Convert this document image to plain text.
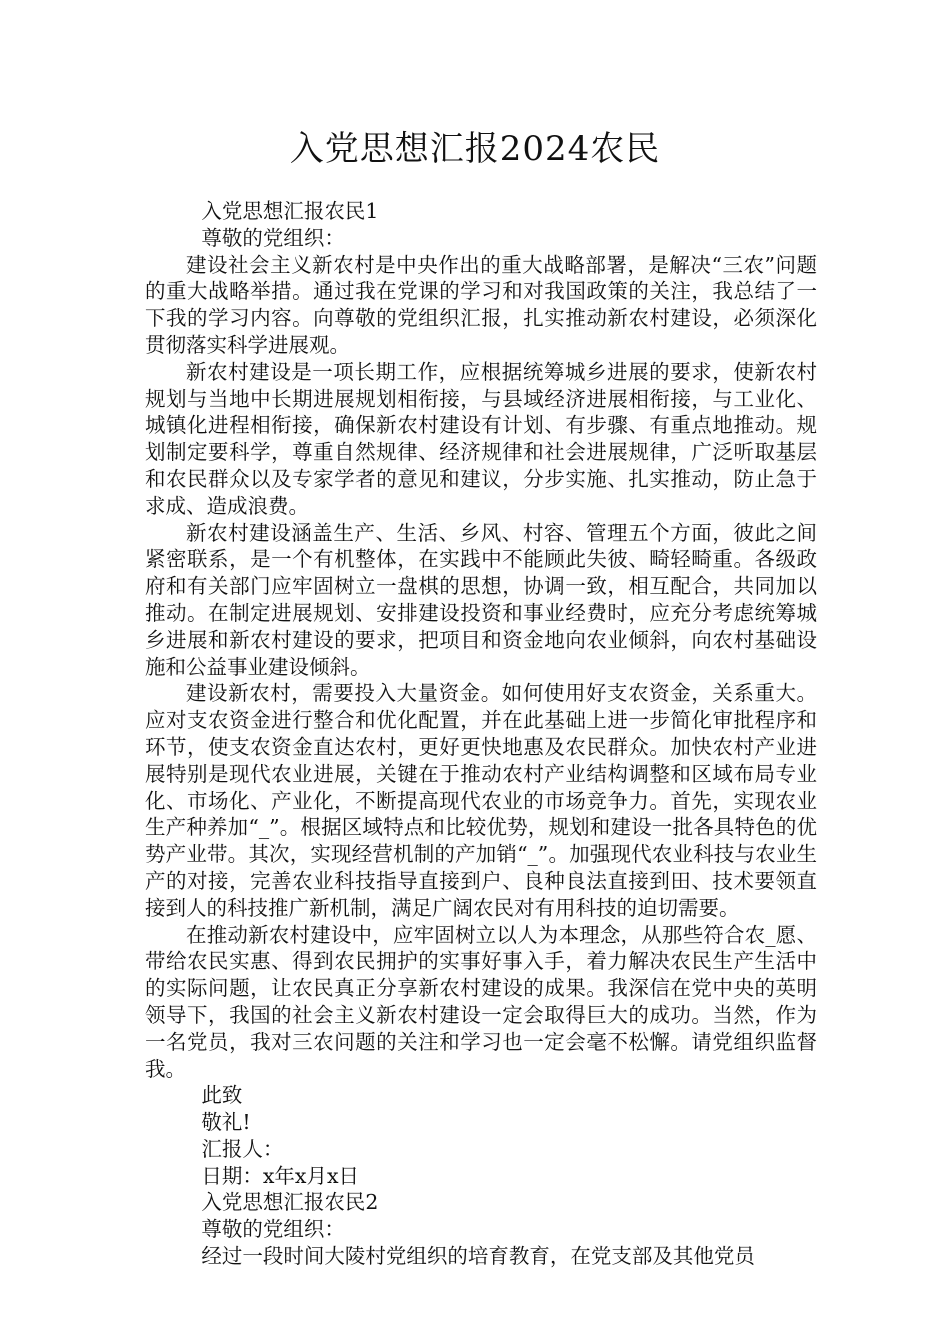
入党思想汇报2024农民

入党思想汇报农民1

尊敬的党组织：

建设社会主义新农村是中央作出的重大战略部署，是解决“三农”问题的重大战略举措。通过我在党课的学习和对我国政策的关注，我总结了一下我的学习内容。向尊敬的党组织汇报，扎实推动新农村建设，必须深化贯彻落实科学进展观。

新农村建设是一项长期工作，应根据统筹城乡进展的要求，使新农村规划与当地中长期进展规划相衔接，与县域经济进展相衔接，与工业化、城镇化进程相衔接，确保新农村建设有计划、有步骤、有重点地推动。规划制定要科学，尊重自然规律、经济规律和社会进展规律，广泛听取基层和农民群众以及专家学者的意见和建议，分步实施、扎实推动，防止急于求成、造成浪费。

新农村建设涵盖生产、生活、乡风、村容、管理五个方面，彼此之间紧密联系，是一个有机整体，在实践中不能顾此失彼、畸轻畸重。各级政府和有关部门应牢固树立一盘棋的思想，协调一致，相互配合，共同加以推动。在制定进展规划、安排建设投资和事业经费时，应充分考虑统筹城乡进展和新农村建设的要求，把项目和资金地向农业倾斜，向农村基础设施和公益事业建设倾斜。

建设新农村，需要投入大量资金。如何使用好支农资金，关系重大。应对支农资金进行整合和优化配置，并在此基础上进一步简化审批程序和环节，使支农资金直达农村，更好更快地惠及农民群众。加快农村产业进展特别是现代农业进展，关键在于推动农村产业结构调整和区域布局专业化、市场化、产业化，不断提高现代农业的市场竞争力。首先，实现农业生产种养加“_”。根据区域特点和比较优势，规划和建设一批各具特色的优势产业带。其次，实现经营机制的产加销“_”。加强现代农业科技与农业生产的对接，完善农业科技指导直接到户、良种良法直接到田、技术要领直接到人的科技推广新机制，满足广阔农民对有用科技的迫切需要。

在推动新农村建设中，应牢固树立以人为本理念，从那些符合农_愿、带给农民实惠、得到农民拥护的实事好事入手，着力解决农民生产生活中的实际问题，让农民真正分享新农村建设的成果。我深信在党中央的英明领导下，我国的社会主义新农村建设一定会取得巨大的成功。当然，作为一名党员，我对三农问题的关注和学习也一定会毫不松懈。请党组织监督我。

此致

敬礼!

汇报人：

日期：x年x月x日

入党思想汇报农民2

尊敬的党组织：

经过一段时间大陵村党组织的培育教育，在党支部及其他党员
